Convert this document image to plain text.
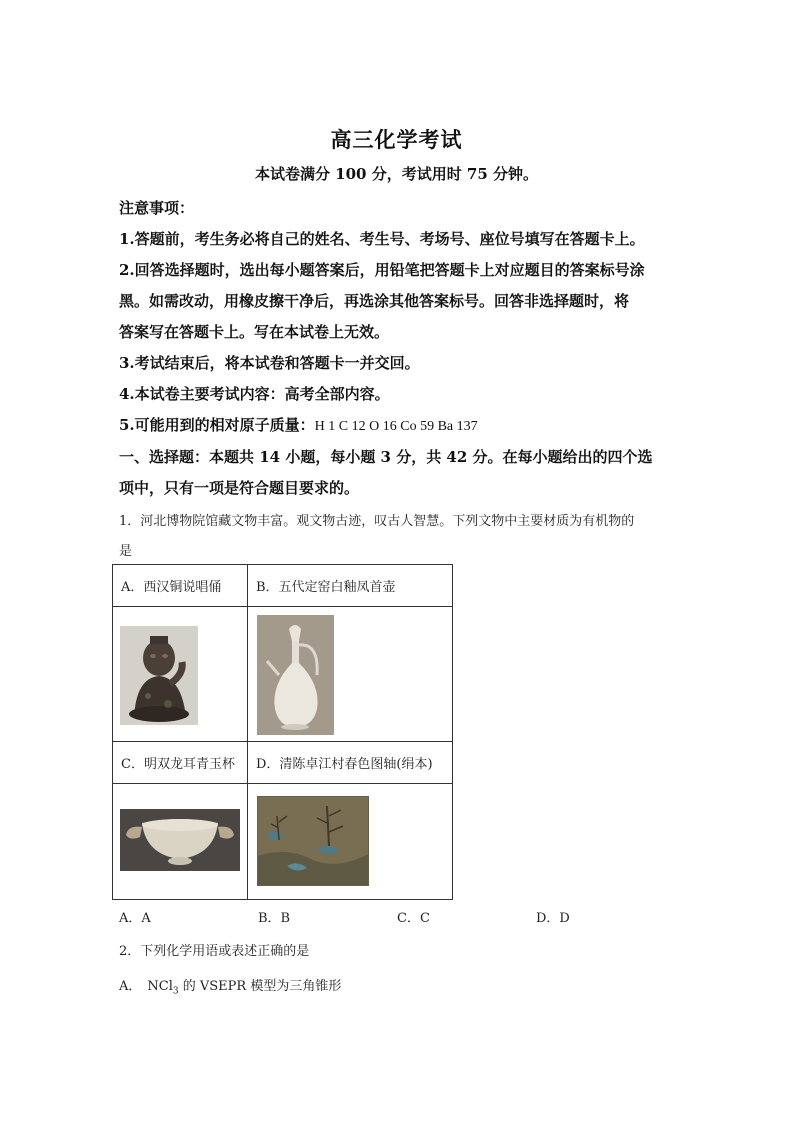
高三化学考试
本试卷满分 100 分，考试用时 75 分钟。
注意事项：
1.答题前，考生务必将自己的姓名、考生号、考场号、座位号填写在答题卡上。
2.回答选择题时，选出每小题答案后，用铅笔把答题卡上对应题目的答案标号涂
黑。如需改动，用橡皮擦干净后，再选涂其他答案标号。回答非选择题时，将
答案写在答题卡上。写在本试卷上无效。
3.考试结束后，将本试卷和答题卡一并交回。
4.本试卷主要考试内容：高考全部内容。
5.可能用到的相对原子质量：H 1 C 12 O 16 Co 59 Ba 137
一、选择题：本题共 14 小题，每小题 3 分，共 42 分。在每小题给出的四个选
项中，只有一项是符合题目要求的。
1．河北博物院馆藏文物丰富。观文物古迹，叹古人智慧。下列文物中主要材质为有机物的
是
A．西汉铜说唱俑	B．五代定窑白釉凤首壶

C．明双龙耳青玉杯	D．清陈卓江村春色图轴(绢本)

A．A	B．B	C．C	D．D
2．下列化学用语或表述正确的是
A． NCl$_3$ 的 VSEPR 模型为三角锥形
